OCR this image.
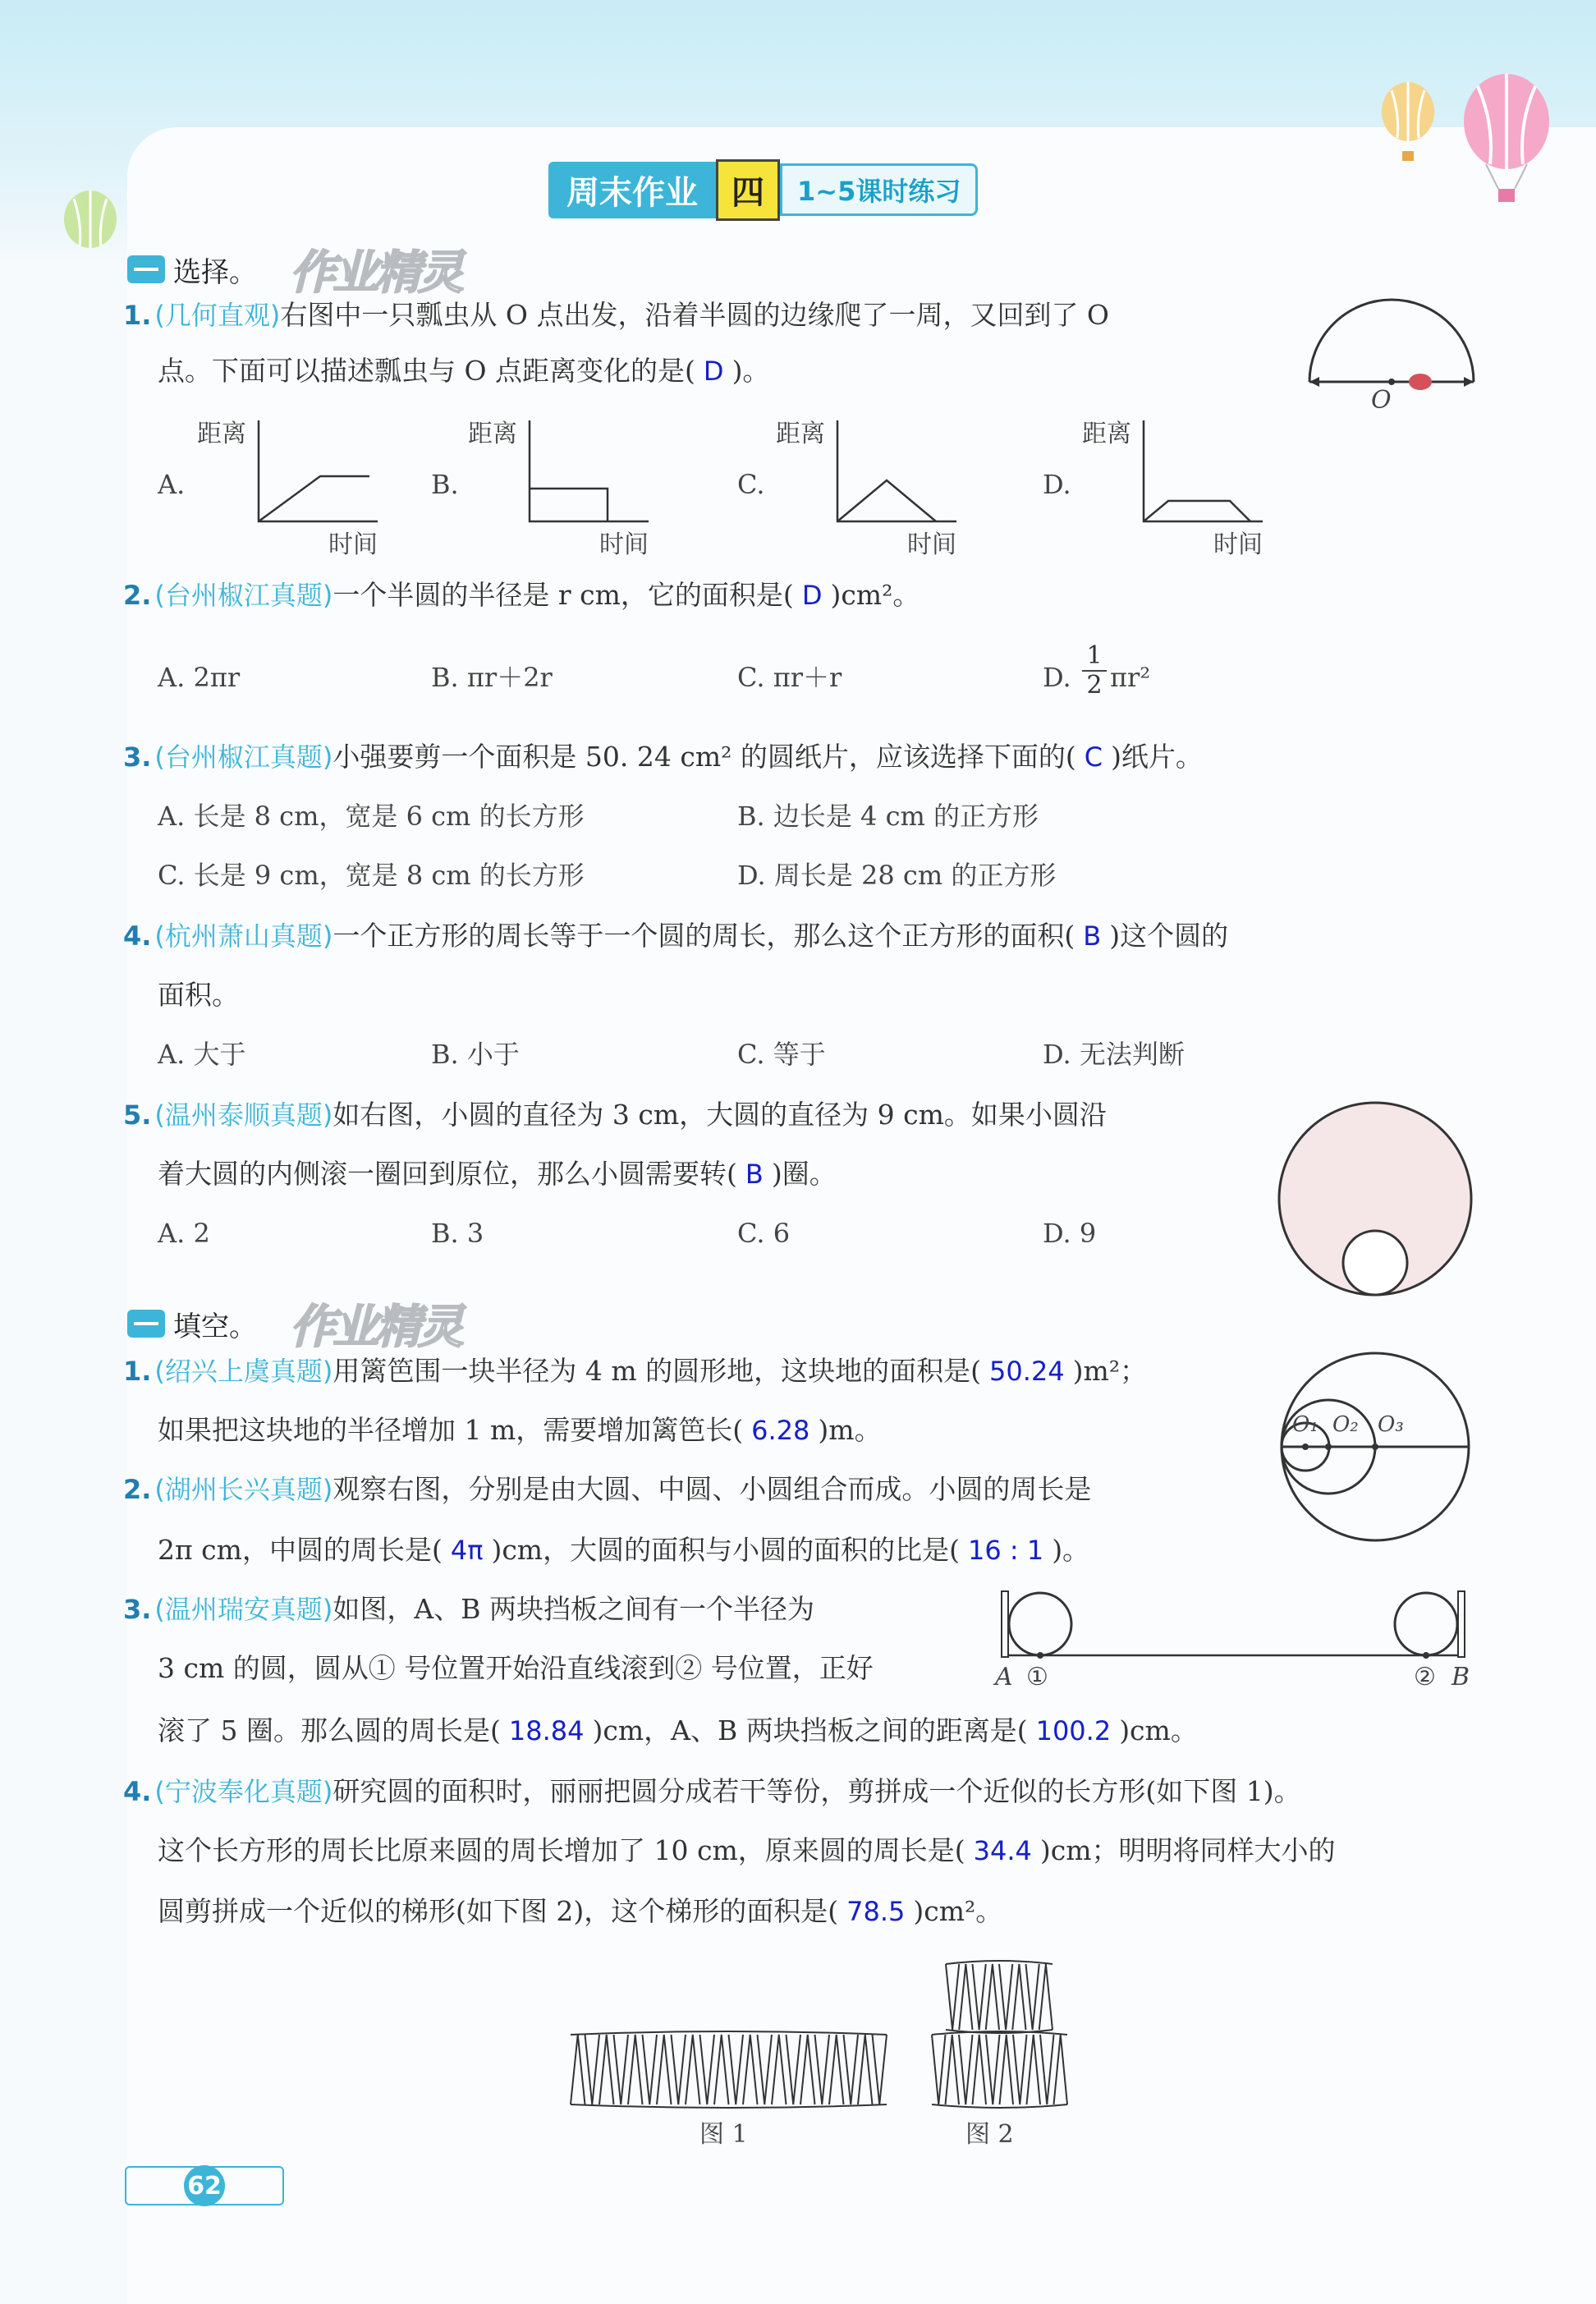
周末作业	四	1~5课时练习
选择。 作业精灵
1. (几何直观)右图中一只瓢虫从 O 点出发，沿着半圆的边缘爬了一周，又回到了 O
点。下面可以描述瓢虫与 O 点距离变化的是( D )。
O
A.	B.	C.	D.
距离
时间
距离
时间
距离
时间
距离
时间
2. (台州椒江真题)一个半圆的半径是 r cm，它的面积是( D )cm²。
A. 2πr	B. πr＋2r	C. πr＋r	D. $\frac{1}{2} \pi r^2$
3. (台州椒江真题)小强要剪一个面积是 50. 24 cm² 的圆纸片，应该选择下面的( C )纸片。
A. 长是 8 cm，宽是 6 cm 的长方形	B. 边长是 4 cm 的正方形
C. 长是 9 cm，宽是 8 cm 的长方形	D. 周长是 28 cm 的正方形
4. (杭州萧山真题)一个正方形的周长等于一个圆的周长，那么这个正方形的面积( B )这个圆的
面积。
A. 大于	B. 小于	C. 等于	D. 无法判断
5. (温州泰顺真题)如右图，小圆的直径为 3 cm，大圆的直径为 9 cm。如果小圆沿
着大圆的内侧滚一圈回到原位，那么小圆需要转( B )圈。
A. 2	B. 3	C. 6	D. 9
填空。 作业精灵
1. (绍兴上虞真题)用篱笆围一块半径为 4 m 的圆形地，这块地的面积是( 50.24 )m²；
如果把这块地的半径增加 1 m，需要增加篱笆长( 6.28 )m。	O₁ O₂ O₃
2. (湖州长兴真题)观察右图，分别是由大圆、中圆、小圆组合而成。小圆的周长是
2π cm，中圆的周长是( 4π )cm，大圆的面积与小圆的面积的比是( 16 : 1 )。
3. (温州瑞安真题)如图，A、B 两块挡板之间有一个半径为
3 cm 的圆，圆从① 号位置开始沿直线滚到② 号位置，正好
滚了 5 圈。那么圆的周长是( 18.84 )cm，A、B 两块挡板之间的距离是( 100.2 )cm。
A ①	② B
4. (宁波奉化真题)研究圆的面积时，丽丽把圆分成若干等份，剪拼成一个近似的长方形(如下图 1)。
这个长方形的周长比原来圆的周长增加了 10 cm，原来圆的周长是( 34.4 )cm；明明将同样大小的
圆剪拼成一个近似的梯形(如下图 2)，这个梯形的面积是( 78.5 )cm²。
图 1	图 2
62
